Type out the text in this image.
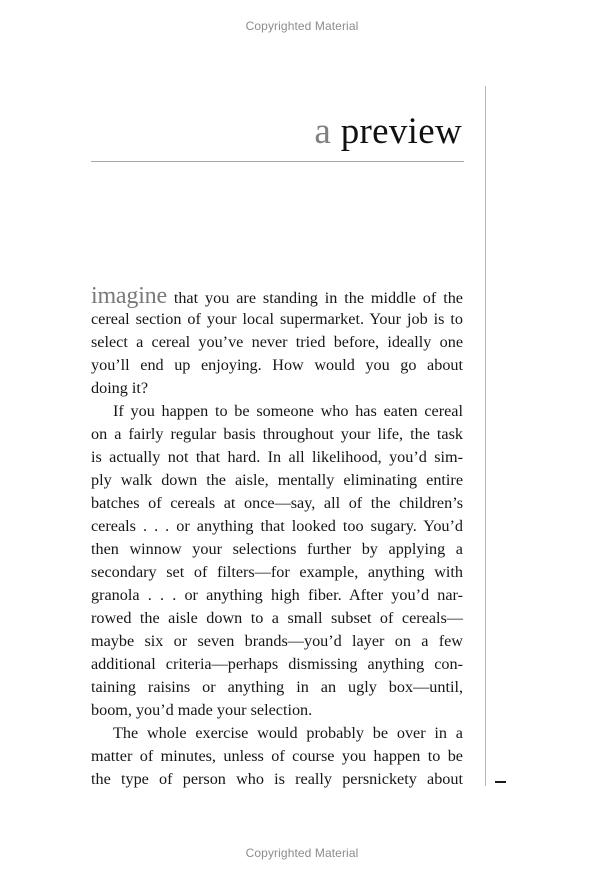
Copyrighted Material
a preview
imagine that you are standing in the middle of the
cereal section of your local supermarket. Your job is to
select a cereal you’ve never tried before, ideally one
you’ll end up enjoying. How would you go about
doing it?
If you happen to be someone who has eaten cereal
on a fairly regular basis throughout your life, the task
is actually not that hard. In all likelihood, you’d sim-
ply walk down the aisle, mentally eliminating entire
batches of cereals at once—say, all of the children’s
cereals . . . or anything that looked too sugary. You’d
then winnow your selections further by applying a
secondary set of filters—for example, anything with
granola . . . or anything high fiber. After you’d nar-
rowed the aisle down to a small subset of cereals—
maybe six or seven brands—you’d layer on a few
additional criteria—perhaps dismissing anything con-
taining raisins or anything in an ugly box—until,
boom, you’d made your selection.
The whole exercise would probably be over in a
matter of minutes, unless of course you happen to be
the type of person who is really persnickety about
Copyrighted Material
